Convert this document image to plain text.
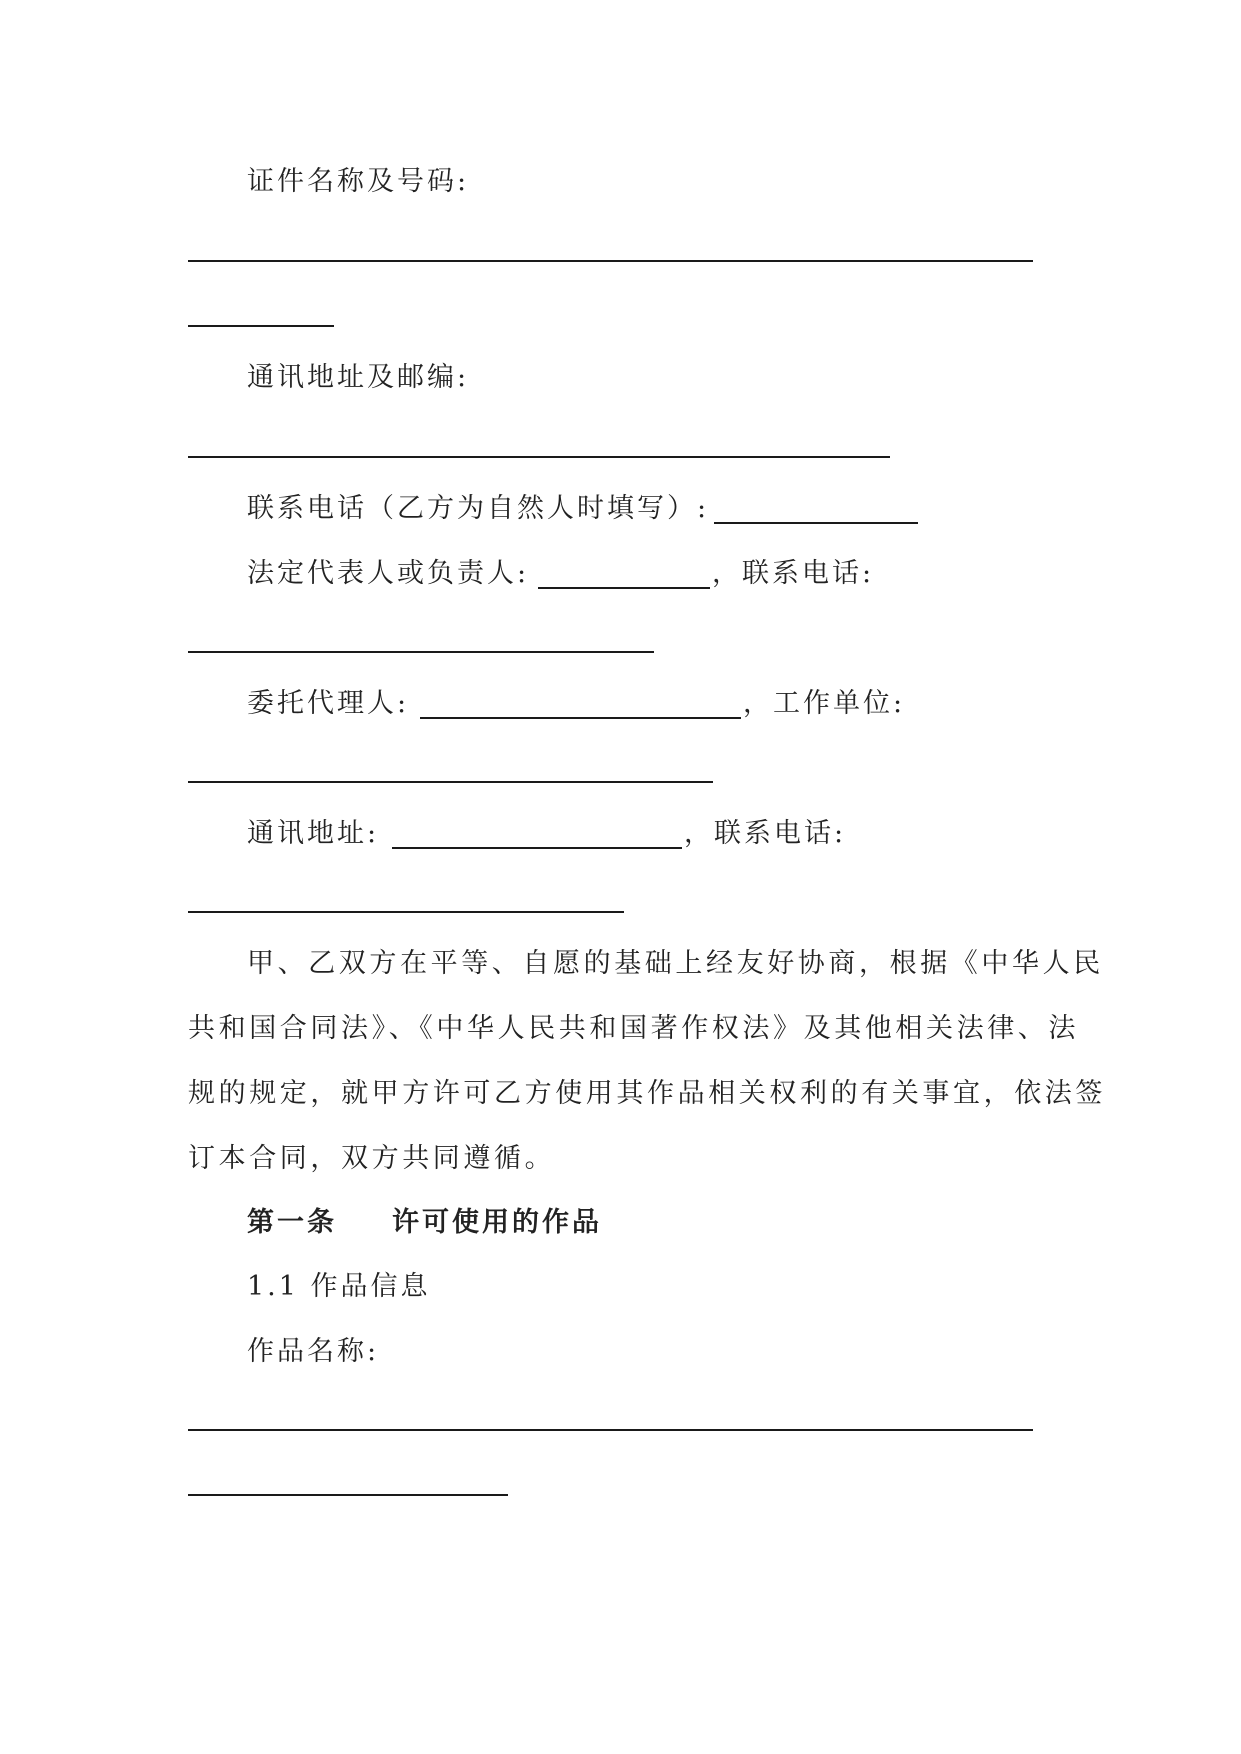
证件名称及号码:
通讯地址及邮编:
联系电话（乙方为自然人时填写）:
法定代表人或负责人:	，联系电话:
委托代理人:	，工作单位:
通讯地址:	，联系电话:
甲、乙双方在平等、自愿的基础上经友好协商，根据《中华人民
共和国合同法》、《中华人民共和国著作权法》及其他相关法律、法
规的规定，就甲方许可乙方使用其作品相关权利的有关事宜，依法签
订本合同，双方共同遵循。
第一条 许可使用的作品
1.1 作品信息
作品名称:
